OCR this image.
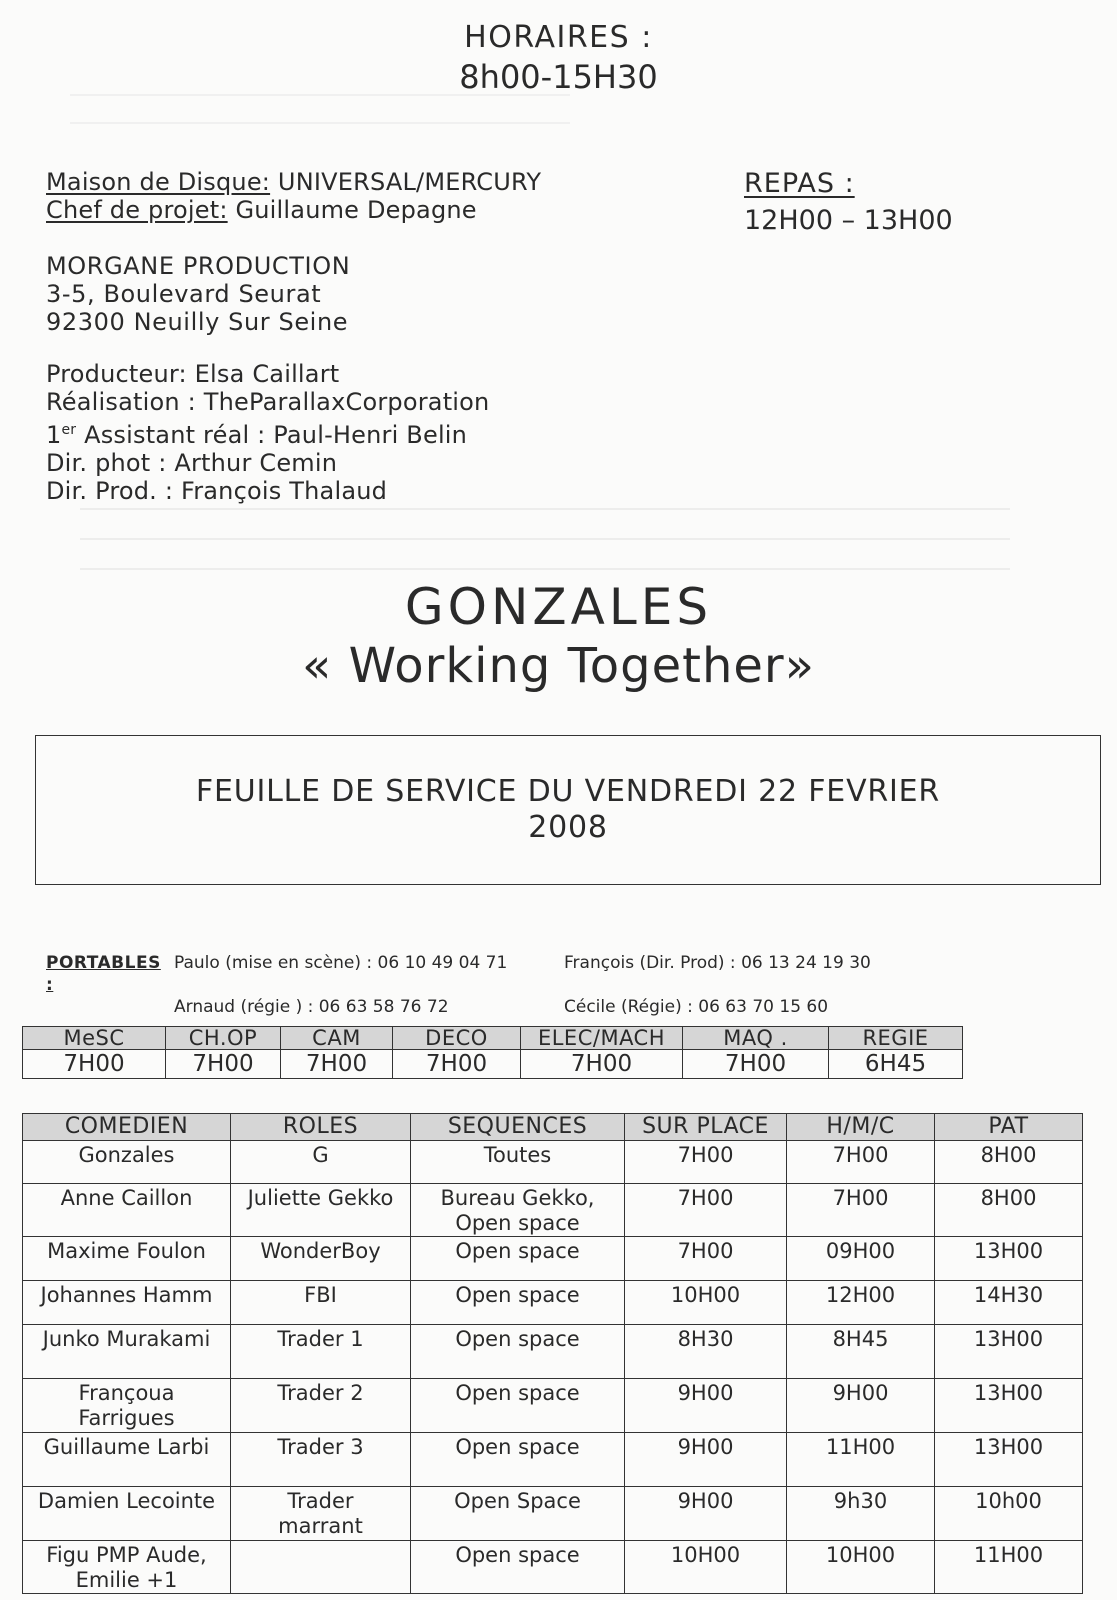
HORAIRES :
8h00-15H30
Maison de Disque: UNIVERSAL/MERCURY
Chef de projet: Guillaume Depagne
REPAS :
12H00 – 13H00
MORGANE PRODUCTION
3-5, Boulevard Seurat
92300 Neuilly Sur Seine
Producteur: Elsa Caillart
Réalisation : TheParallaxCorporation
1er Assistant réal : Paul-Henri Belin
Dir. phot : Arthur Cemin
Dir. Prod. : François Thalaud
GONZALES
« Working Together»
FEUILLE DE SERVICE DU VENDREDI 22 FEVRIER
2008
PORTABLES :
Paulo (mise en scène) : 06 10 49 04 71	François (Dir. Prod) : 06 13 24 19 30
Arnaud (régie ) : 06 63 58 76 72	Cécile (Régie) : 06 63 70 15 60
MeSC	CH.OP	CAM	DECO	ELEC/MACH	MAQ .	REGIE
7H00	7H00	7H00	7H00	7H00	7H00	6H45
COMEDIEN	ROLES	SEQUENCES	SUR PLACE	H/M/C	PAT
Gonzales	G	Toutes	7H00	7H00	8H00
Anne Caillon	Juliette Gekko	Bureau Gekko,
Open space	7H00	7H00	8H00
Maxime Foulon	WonderBoy	Open space	7H00	09H00	13H00
Johannes Hamm	FBI	Open space	10H00	12H00	14H30
Junko Murakami	Trader 1	Open space	8H30	8H45	13H00
Françoua
Farrigues	Trader 2	Open space	9H00	9H00	13H00
Guillaume Larbi	Trader 3	Open space	9H00	11H00	13H00
Damien Lecointe	Trader
marrant	Open Space	9H00	9h30	10h00
Figu PMP Aude,
Emilie +1		Open space	10H00	10H00	11H00
